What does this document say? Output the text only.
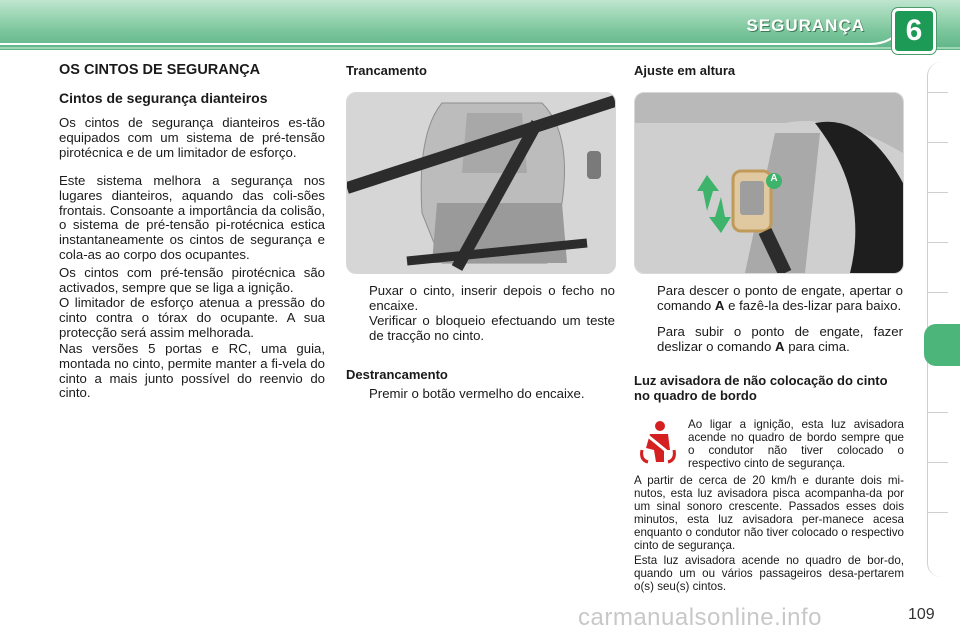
SEGURANÇA	6
OS CINTOS DE SEGURANÇA
Cintos de segurança dianteiros

Os cintos de segurança dianteiros es-tão equipados com um sistema de pré-tensão pirotécnica e de um limitador de esforço.

Este sistema melhora a segurança nos lugares dianteiros, aquando das coli-sões frontais. Consoante a importância da colisão, o sistema de pré-tensão pi-rotécnica estica instantaneamente os cintos de segurança e cola-as ao corpo dos ocupantes.

Os cintos com pré-tensão pirotécnica são activados, sempre que se liga a ignição.

O limitador de esforço atenua a pressão do cinto contra o tórax do ocupante. A sua protecção será assim melhorada.

Nas versões 5 portas e RC, uma guia, montada no cinto, permite manter a fi-vela do cinto a mais junto possível do reenvio do cinto.

Trancamento
Puxar o cinto, inserir depois o fecho no encaixe.
Verificar o bloqueio efectuando um teste de tracção no cinto.
Destrancamento
Premir o botão vermelho do encaixe.
Ajuste em altura
A
Para descer o ponto de engate, apertar o comando A e fazê-la des-lizar para baixo.
Para subir o ponto de engate, fazer deslizar o comando A para cima.
Luz avisadora de não colocação do cinto no quadro de bordo

Ao ligar a ignição, esta luz avisadora acende no quadro de bordo sempre que o condutor não tiver colocado o respectivo cinto de segurança.

A partir de cerca de 20 km/h e durante dois mi-nutos, esta luz avisadora pisca acompanha-da por um sinal sonoro crescente. Passados esses dois minutos, esta luz avisadora per-manece acesa enquanto o condutor não tiver colocado o respectivo cinto de segurança.

Esta luz avisadora acende no quadro de bor-do, quando um ou vários passageiros desa-pertarem o(s) seu(s) cintos.

carmanualsonline.info	109
